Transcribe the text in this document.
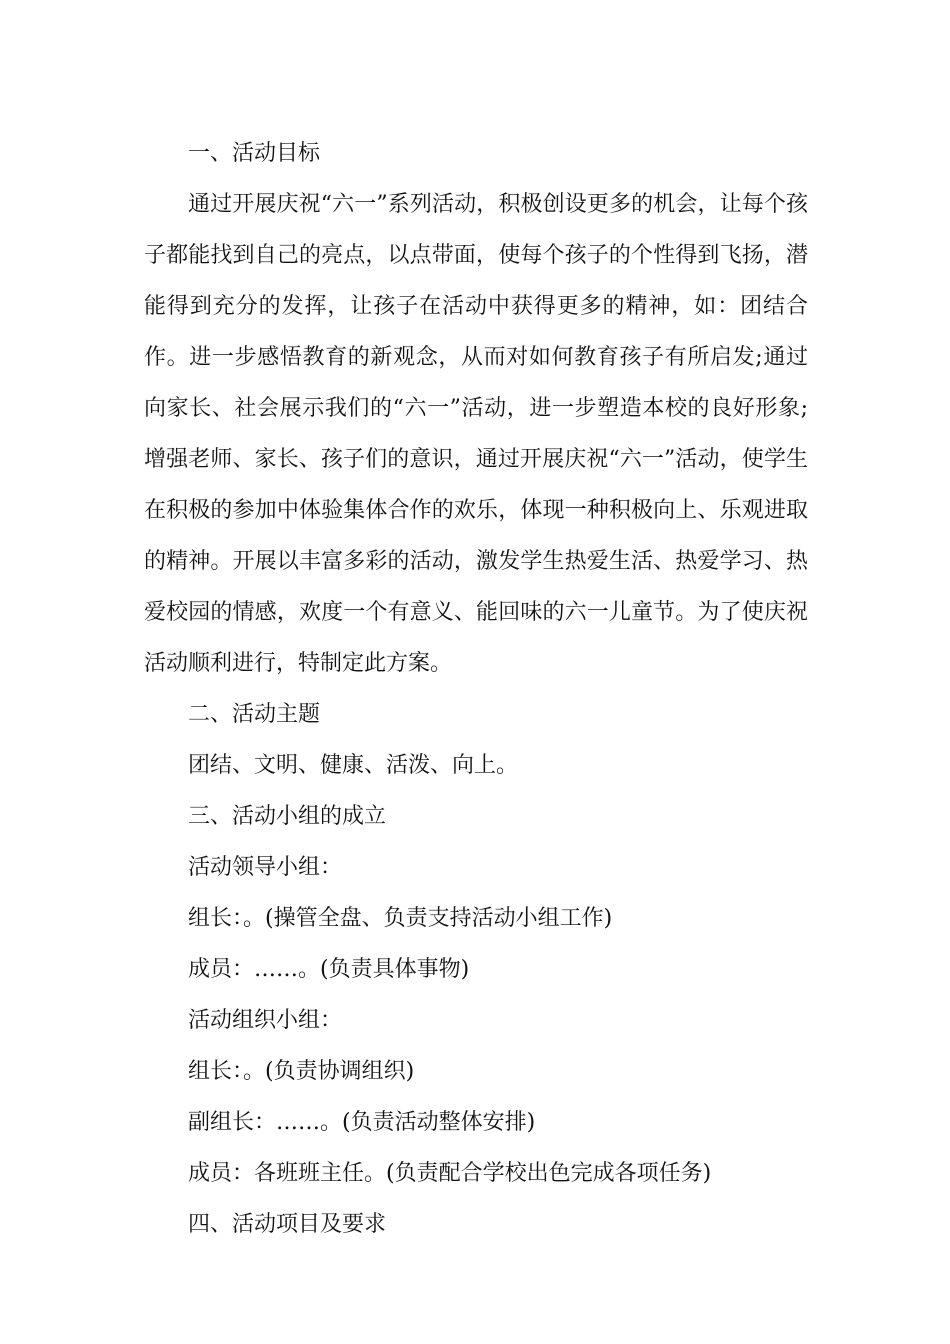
一、活动目标

通过开展庆祝“六一”系列活动，积极创设更多的机会，让每个孩子都能找到自己的亮点，以点带面，使每个孩子的个性得到飞扬，潜能得到充分的发挥，让孩子在活动中获得更多的精神，如：团结合作。进一步感悟教育的新观念，从而对如何教育孩子有所启发;通过向家长、社会展示我们的“六一”活动，进一步塑造本校的良好形象;增强老师、家长、孩子们的意识，通过开展庆祝“六一”活动，使学生在积极的参加中体验集体合作的欢乐，体现一种积极向上、乐观进取的精神。开展以丰富多彩的活动，激发学生热爱生活、热爱学习、热爱校园的情感，欢度一个有意义、能回味的六一儿童节。为了使庆祝活动顺利进行，特制定此方案。

二、活动主题

团结、文明、健康、活泼、向上。

三、活动小组的成立

活动领导小组：

组长：。(操管全盘、负责支持活动小组工作)

成员：……。(负责具体事物)

活动组织小组：

组长：。(负责协调组织)

副组长：……。(负责活动整体安排)

成员：各班班主任。(负责配合学校出色完成各项任务)

四、活动项目及要求
